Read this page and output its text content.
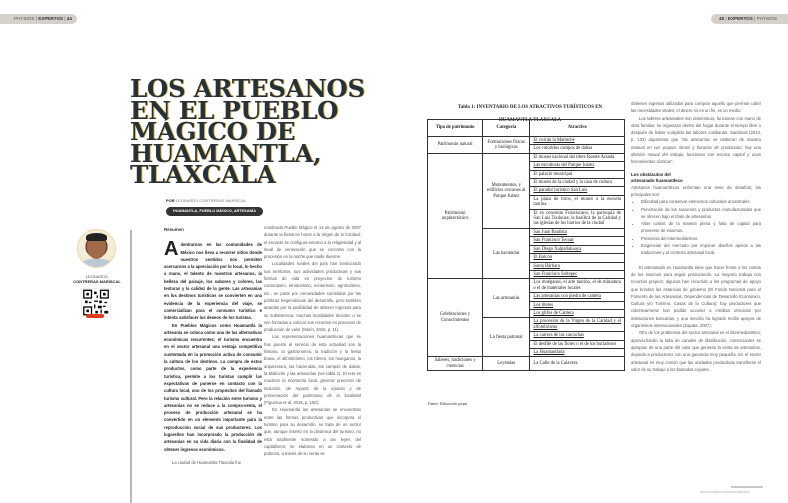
PHYSIOS | EXPERTOS | 44
LOS ARTESANOS
EN EL PUEBLO
MÁGICO DE
HUAMANTLA,
TLAXCALA
POR LEONARDO CONTRERAS MARISCAL
HUAMANTLA, PUEBLO MÁGICO, ARTESANÍA
LEONARDO
CONTRERAS MARISCAL

Resumen

Adentrarnos en las comunidades de México nos lleva a recorrer sitios donde nuestros sentidos nos permiten acercarnos a la apreciación por lo local, lo hecho a mano, el talento de nuestros artesanos, la belleza del paisaje, los sabores y colores, las texturas y la calidez de la gente. Las artesanías en los destinos turísticos se convierten en una evidencia de la experiencia del viaje, se comercializan para el consumo turístico e intenta satisfacer los deseos de los turistas.

En Pueblos Mágicos como Huamantla la artesanía se coloca como una de las alternativas económicas recurrentes; el turismo encuentra en el sector artesanal una ventaja competitiva sustentada en la promoción activa de consumir la cultura de los destinos. La compra de estos productos, como parte de la experiencia turística, permite a los turistas cumplir las expectativas de ponerse en contacto con la cultura local, uno de los propósitos del llamado turismo cultural. Pero la relación entre turismo y artesanías no se reduce a la compra-venta, el proceso de producción artesanal se ha convertido en un elemento importante para la reproducción social de sus productores. Los lugareños han incorporado la producción de artesanías en su vida diaria con la finalidad de obtener ingresos económicos.

La ciudad de Huamantla Tlaxcala fue

nombrada Pueblo Mágico el 14 de agosto de 2007 durante la fiesta en honor a la Virgen de la Caridad; el encanto se configura entorno a la religiosidad y al ritual de veneración que se concreta con la procesión en la noche que nadie duerme.

Localidades rurales del país han involucrado sus territorios, sus actividades productivas y sus formas de vida en proyectos de turismo comunitario, etnoturismo, ecoturismo, agroturismo, etc., en parte por comunidades sometidas por las políticas hegemónicas del desarrollo, pero también atraídas por la posibilidad de obtener ingresos para su subsistencia; muchas localidades deciden o se ven forzadas a colocar sus recursos en procesos de producción de valor (Marín, 2015, p. 11).

Las representaciones huamantlecas que se han puesto al servicio de esta actividad son la historia, la gastronomía, la tradición y la fiesta brava, el alfombrismo, los títeres, los muéganos, la arquitectura, las haciendas, los campos de dalias, la Malinche y las artesanías (ver tabla 1). El reto es reactivar la economía local, generar procesos de inclusión, de reparto de la riqueza y de preservación del patrimonio de la localidad (Figueroa et al, 2015, p. 150).

En Huamantla las artesanías se encuentran entre las formas productivas que incorpora el turismo para su desarrollo, se trata de un sector que, aunque inserto en la dinámica del turismo, no está totalmente sometido a las leyes del capitalismo; se elaboran en un contexto de pobreza, a través de su venta se

45 | EXPERTOS | PHYSIOS
Tabla 1: INVENTARIO DE LOS ATRACTIVOS TURÍSTICOS EN
HUAMANTLA TLAXCALA
Tipo de patrimonio	Categoría	Atractivo
Patrimonio natural	Formaciones físicas y biológicas	El volcán la Malinche
		Los coloridos campos de dalias
Patrimonio arquitectónico	Monumentos, y edificios cercanos al Parque Juárez	El museo nacional del títere Rosete Aranda
		Las esculturas del Parque Juárez
		El palacio municipal
		El museo de la ciudad y la casa de cultura
		El parador turístico San Luis
		La plaza de toros, el museo o la escuela taurina
		El ex convento Franciscano, la parroquia de San Luis Toulouse, la basílica de la Caridad y las iglesias de los barrios de la ciudad
	Las haciendas	San Juan Bautista
		San Francisco Tecoac
		San Diego Xalpatlahuaya
		El Balcón
		Santa Bárbara
		San Francisco Soltepec
Celebraciones y Conocimientos	Las artesanías	Los muéganos, el arte taurino, el de miniatura o el de materiales locales
		Las artesanías con piedra de cantera
		Los títeres
		Los glifos de Cantera
	La fiesta patronal	La procesión de la Virgen de la Caridad y el alfombrismo
		La carrera de las carcachas
		El desfile de las flores o el de los burladeros
		La Huamantlada
Saberes, tradiciones y creencias	Leyendas	La Calle de la Calavera
Fuente: Elaboración propia

obtienen ingresos utilizados para comprar aquello que permite cubrir las necesidades vitales; el dinero no es un fin, es un medio.

Los talleres artesanales son domésticos, funcionan con mano de obra familiar, se organizan dentro del hogar durante el tiempo libre o después de haber cumplido las labores cotidianas. Sandoval (2013, p. 133) argumenta que "las artesanías se elaboran de manera manual en sus propios ritmos y horarios de producción; hay una división sexual del trabajo; funcionan con escaso capital y usan herramientas rústicas".

Los obstáculos del
artesanado huamantleco

Artesanos huamantlecos enfrentan una serie de desafíos; los principales son:

• Dificultad para conservar elementos culturales ancestrales.
• Penetración de los souvenirs y productos manufacturados que se ofrecen bajo el título de artesanías.
• Altos costos de la materia prima y falta de capital para proveerse de insumos.
• Presencia del intermediarismo.
• Exigencias del mercado por imponer diseños ajenos a las tradiciones y al contexto artesanal local.

El artesanado en Huamantla tiene que hacer frente a los costos de los insumos para seguir produciendo. La mayoría trabaja con recursos propios; algunos han recurrido a los programas de apoyo que brindan las estancias de gobierno (El Fondo Nacional para el Fomento de las Artesanías, Dependencias de Desarrollo Económico, Cultura y/o Turismo, Casas de la Cultura); hay productores que colectivamente han podido acceder a créditos ofrecidos por instituciones bancarias, y una minoría ha logrado recibir apoyos de organismos internacionales (Zapata, 2007).

Otro de los problemas del sector artesanal es el intermediarismo; aprovechando la falta de canales de distribución, comerciantes se apropian de una parte del valor que generan la venta de artesanías, dejando a productores con una ganancia muy pequeña. En el sector artesanal es muy común que las unidades productivas transfieran el valor de su trabajo a los llamados coyotes.

www.esimagen.mx/estudio/physios
